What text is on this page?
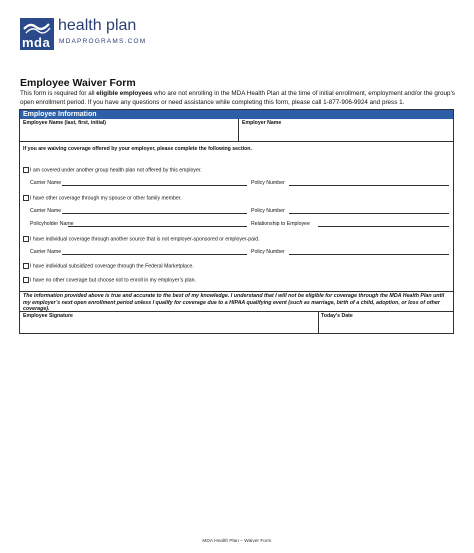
mda
health plan
MDAPROGRAMS.COM
Employee Waiver Form
This form is required for all eligible employees who are not enrolling in the MDA Health Plan at the time of initial enrollment, employment and/or the group’s open enrollment period. If you have any questions or need assistance while completing this form, please call 1-877-906-9924 and press 1.
Employee Information
Employee Name (last, first, initial)	Employer Name
If you are waiving coverage offered by your employer, please complete the following section.
I am covered under another group health plan not offered by this employer.
Carrier Name	Policy Number
I have other coverage through my spouse or other family member.
Carrier Name	Policy Number
Policyholder Name	Relationship to Employee
I have individual coverage through another source that is not employer-sponsored or employer-paid.
Carrier Name	Policy Number
I have individual subsidized coverage through the Federal Marketplace.
I have no other coverage but choose not to enroll in my employer’s plan.
The information provided above is true and accurate to the best of my knowledge. I understand that I will not be eligible for coverage through the MDA Health Plan until my employer’s next open enrollment period unless I qualify for coverage due to a HIPAA qualifying event (such as marriage, birth of a child, adoption, or loss of other coverage).
Employee Signature	Today’s Date
MDA Health Plan – Waiver Form
